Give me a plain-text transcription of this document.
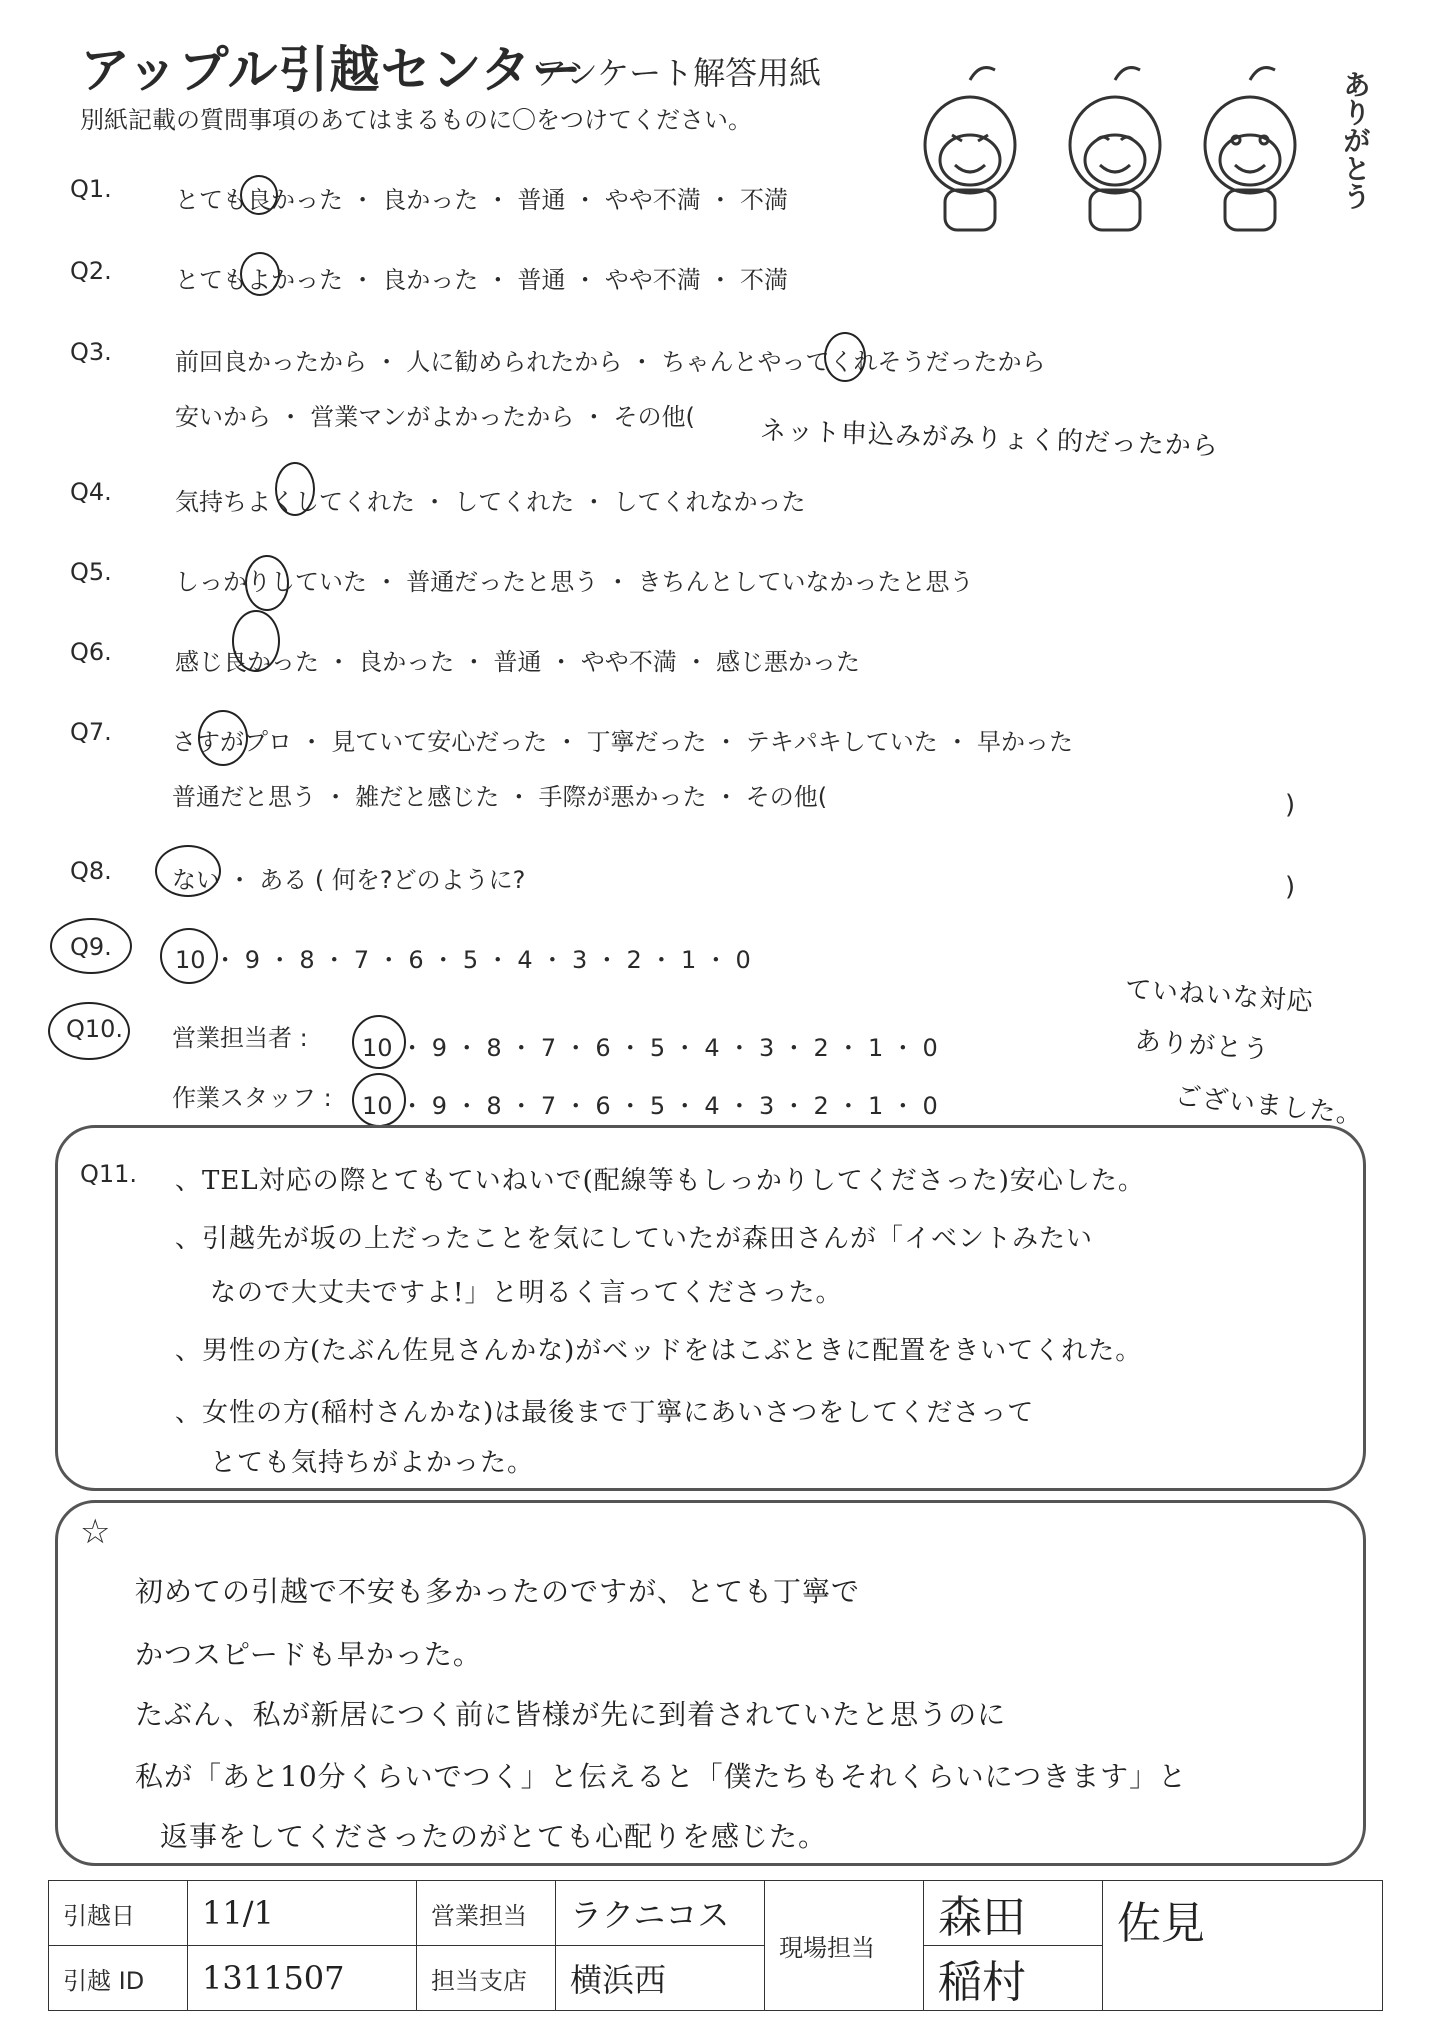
アップル引越センター
アンケート解答用紙
別紙記載の質問事項のあてはまるものに〇をつけてください。	ありがとう
Q1.	とても良かった ・ 良かった ・ 普通 ・ やや不満 ・ 不満
Q2.	とてもよかった ・ 良かった ・ 普通 ・ やや不満 ・ 不満
Q3.	前回良かったから ・ 人に勧められたから ・ ちゃんとやってくれそうだったから
安いから ・ 営業マンがよかったから ・ その他( ネット申込みがみりょく的だったから
Q4.	気持ちよくしてくれた ・ してくれた ・ してくれなかった
Q5.	しっかりしていた ・ 普通だったと思う ・ きちんとしていなかったと思う
Q6.	感じ良かった ・ 良かった ・ 普通 ・ やや不満 ・ 感じ悪かった
Q7.	さすがプロ ・ 見ていて安心だった ・ 丁寧だった ・ テキパキしていた ・ 早かった
普通だと思う ・ 雑だと感じた ・ 手際が悪かった ・ その他(	)
Q8.	ない ・ ある ( 何を?どのように?	)
Q9.	10 ・ 9 ・ 8 ・ 7 ・ 6 ・ 5 ・ 4 ・ 3 ・ 2 ・ 1 ・ 0
Q10. 営業担当者 : 10 ・ 9 ・ 8 ・ 7 ・ 6 ・ 5 ・ 4 ・ 3 ・ 2 ・ 1 ・ 0
作業スタッフ : 10 ・ 9 ・ 8 ・ 7 ・ 6 ・ 5 ・ 4 ・ 3 ・ 2 ・ 1 ・ 0
ていねいな対応
ありがとう
ございました。
Q11. 、TEL対応の際とてもていねいで(配線等もしっかりしてくださった)安心した。
、引越先が坂の上だったことを気にしていたが森田さんが「イベントみたい
なので大丈夫ですよ!」と明るく言ってくださった。
、男性の方(たぶん佐見さんかな)がベッドをはこぶときに配置をきいてくれた。
、女性の方(稲村さんかな)は最後まで丁寧にあいさつをしてくださって
とても気持ちがよかった。
☆
初めての引越で不安も多かったのですが、とても丁寧で
かつスピードも早かった。
たぶん、私が新居につく前に皆様が先に到着されていたと思うのに
私が「あと10分くらいでつく」と伝えると「僕たちもそれくらいにつきます」と
返事をしてくださったのがとても心配りを感じた。
引越日	11/1	営業担当	ラクニコス	現場担当	森田	佐見
引越 ID	1311507	担当支店	横浜西		稲村	
